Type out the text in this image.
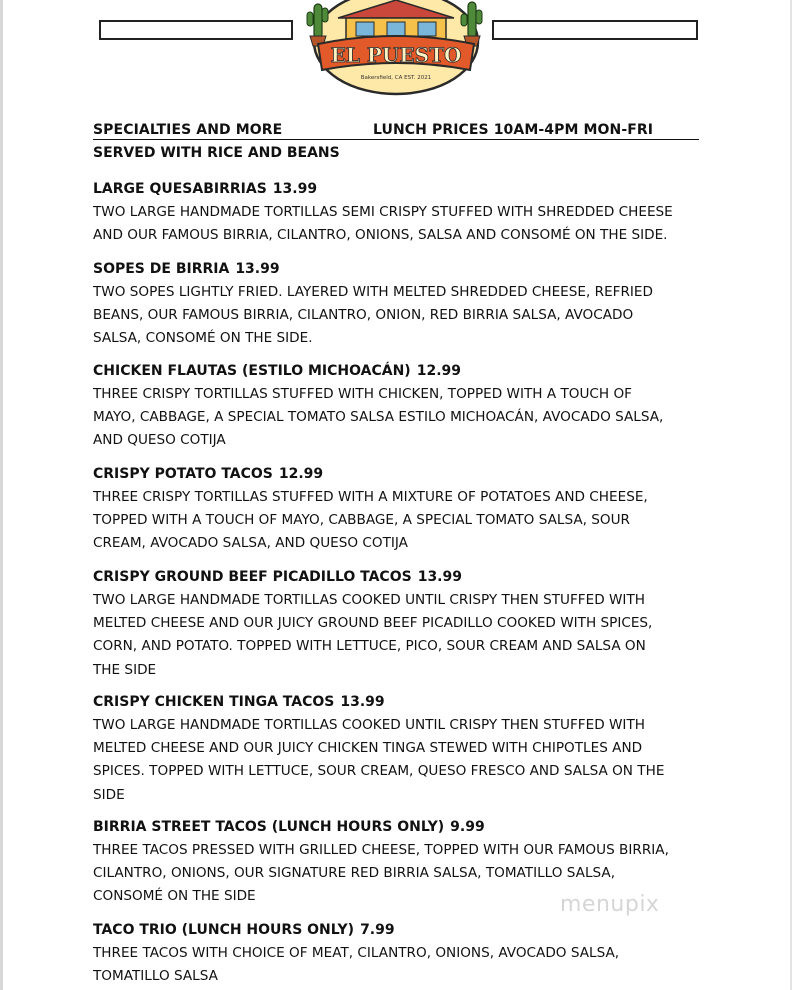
EL PUESTO
Bakersfield, CA EST. 2021
SPECIALTIES AND MORE	LUNCH PRICES 10AM-4PM MON-FRI
SERVED WITH RICE AND BEANS
LARGE QUESABIRRIAS 13.99
TWO LARGE HANDMADE TORTILLAS SEMI CRISPY STUFFED WITH SHREDDED CHEESE
AND OUR FAMOUS BIRRIA, CILANTRO, ONIONS, SALSA AND CONSOMÉ ON THE SIDE.
SOPES DE BIRRIA 13.99
TWO SOPES LIGHTLY FRIED. LAYERED WITH MELTED SHREDDED CHEESE, REFRIED
BEANS, OUR FAMOUS BIRRIA, CILANTRO, ONION, RED BIRRIA SALSA, AVOCADO
SALSA, CONSOMÉ ON THE SIDE.
CHICKEN FLAUTAS (ESTILO MICHOACÁN) 12.99
THREE CRISPY TORTILLAS STUFFED WITH CHICKEN, TOPPED WITH A TOUCH OF
MAYO, CABBAGE, A SPECIAL TOMATO SALSA ESTILO MICHOACÁN, AVOCADO SALSA,
AND QUESO COTIJA
CRISPY POTATO TACOS 12.99
THREE CRISPY TORTILLAS STUFFED WITH A MIXTURE OF POTATOES AND CHEESE,
TOPPED WITH A TOUCH OF MAYO, CABBAGE, A SPECIAL TOMATO SALSA, SOUR
CREAM, AVOCADO SALSA, AND QUESO COTIJA
CRISPY GROUND BEEF PICADILLO TACOS 13.99
TWO LARGE HANDMADE TORTILLAS COOKED UNTIL CRISPY THEN STUFFED WITH
MELTED CHEESE AND OUR JUICY GROUND BEEF PICADILLO COOKED WITH SPICES,
CORN, AND POTATO. TOPPED WITH LETTUCE, PICO, SOUR CREAM AND SALSA ON
THE SIDE
CRISPY CHICKEN TINGA TACOS 13.99
TWO LARGE HANDMADE TORTILLAS COOKED UNTIL CRISPY THEN STUFFED WITH
MELTED CHEESE AND OUR JUICY CHICKEN TINGA STEWED WITH CHIPOTLES AND
SPICES. TOPPED WITH LETTUCE, SOUR CREAM, QUESO FRESCO AND SALSA ON THE
SIDE
BIRRIA STREET TACOS (LUNCH HOURS ONLY) 9.99
THREE TACOS PRESSED WITH GRILLED CHEESE, TOPPED WITH OUR FAMOUS BIRRIA,
CILANTRO, ONIONS, OUR SIGNATURE RED BIRRIA SALSA, TOMATILLO SALSA,
CONSOMÉ ON THE SIDE
TACO TRIO (LUNCH HOURS ONLY) 7.99
THREE TACOS WITH CHOICE OF MEAT, CILANTRO, ONIONS, AVOCADO SALSA,
TOMATILLO SALSA
menupix
